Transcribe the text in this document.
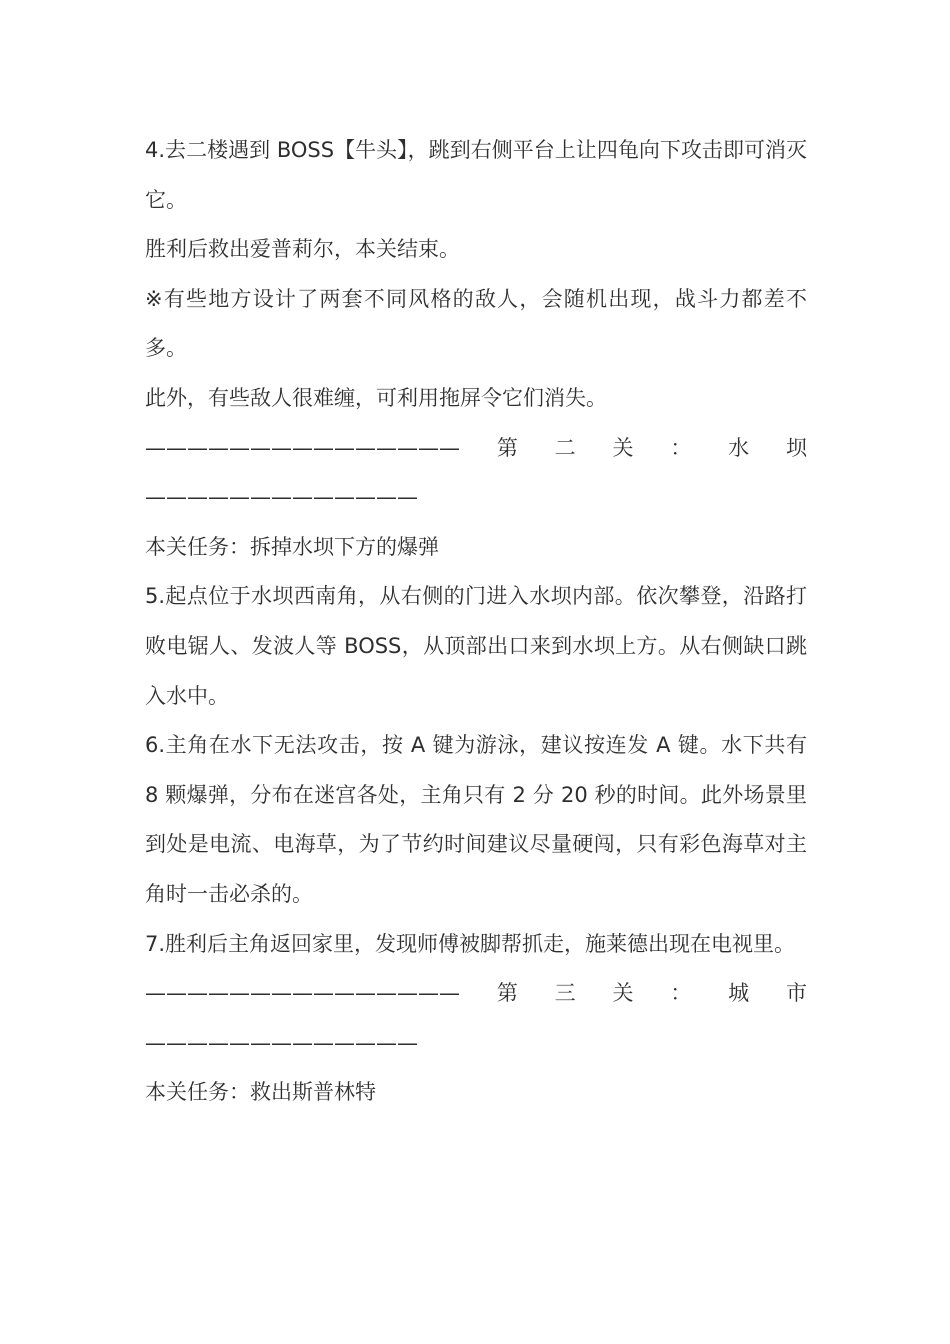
4.去二楼遇到 BOSS【牛头】，跳到右侧平台上让四龟向下攻击即可消灭它。

胜利后救出爱普莉尔，本关结束。

※有些地方设计了两套不同风格的敌人，会随机出现，战斗力都差不多。

此外，有些敌人很难缠，可利用拖屏令它们消失。

———————————————第二关：水坝—————————————

本关任务：拆掉水坝下方的爆弹

5.起点位于水坝西南角，从右侧的门进入水坝内部。依次攀登，沿路打败电锯人、发波人等 BOSS，从顶部出口来到水坝上方。从右侧缺口跳入水中。

6.主角在水下无法攻击，按 A 键为游泳，建议按连发 A 键。水下共有 8 颗爆弹，分布在迷宫各处，主角只有 2 分 20 秒的时间。此外场景里到处是电流、电海草，为了节约时间建议尽量硬闯，只有彩色海草对主角时一击必杀的。

7.胜利后主角返回家里，发现师傅被脚帮抓走，施莱德出现在电视里。

———————————————第三关：城市—————————————

本关任务：救出斯普林特
